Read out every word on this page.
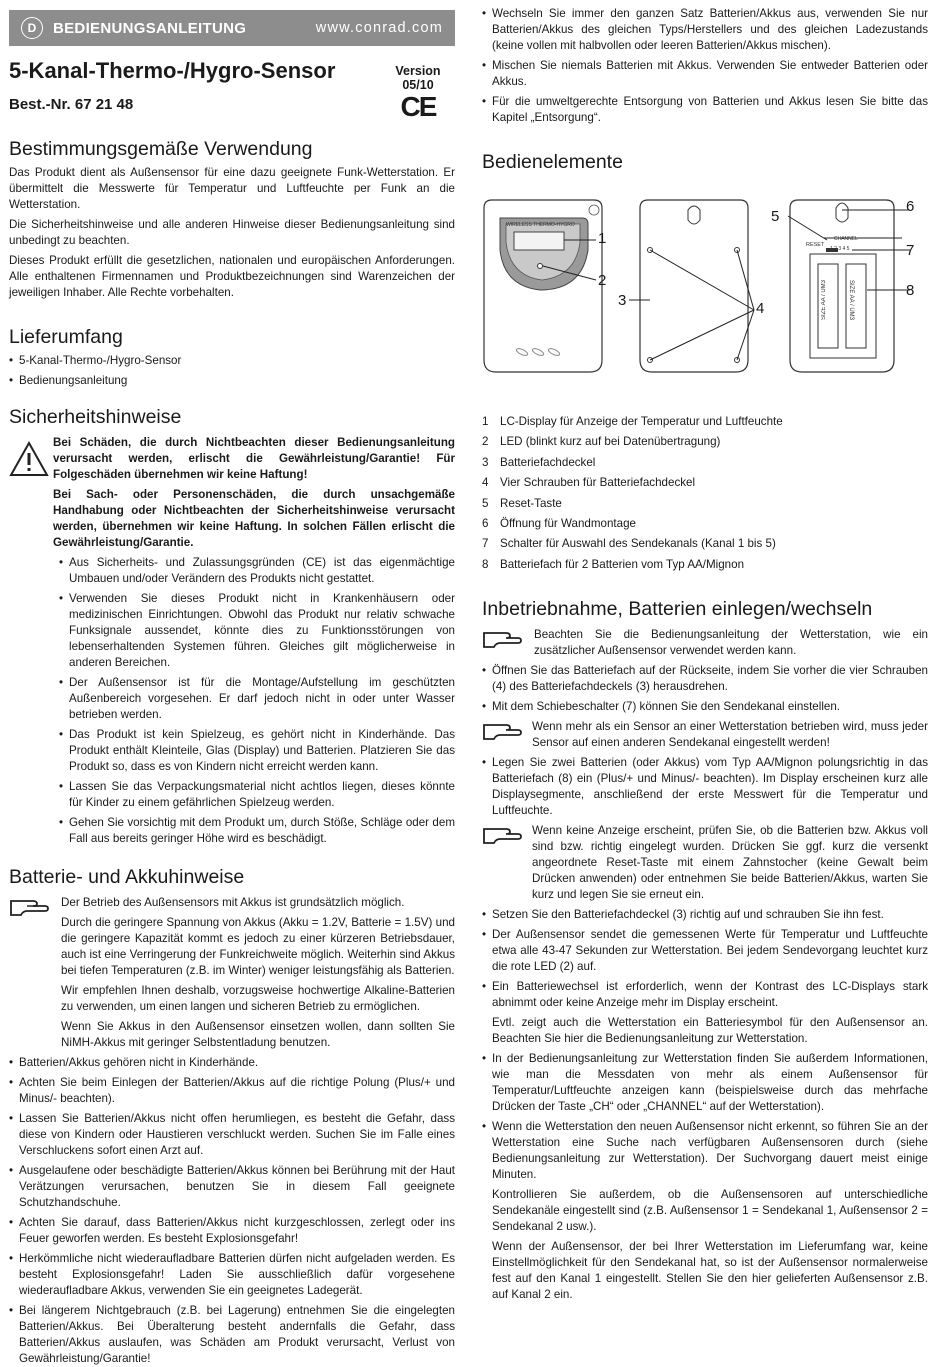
D	BEDIENUNGSANLEITUNG	www.conrad.com
5-Kanal-Thermo-/Hygro-Sensor	Version 05/10
CE
Best.-Nr. 67 21 48
Bestimmungsgemäße Verwendung

Das Produkt dient als Außensensor für eine dazu geeignete Funk-Wetterstation. Er übermittelt die Messwerte für Temperatur und Luftfeuchte per Funk an die Wetterstation.

Die Sicherheitshinweise und alle anderen Hinweise dieser Bedienungsanleitung sind unbedingt zu beachten.

Dieses Produkt erfüllt die gesetzlichen, nationalen und europäischen Anforderungen. Alle enthaltenen Firmennamen und Produktbezeichnungen sind Warenzeichen der jeweiligen Inhaber. Alle Rechte vorbehalten.

Lieferumfang

• 5-Kanal-Thermo-/Hygro-Sensor

• Bedienungsanleitung

Sicherheitshinweise

Bei Schäden, die durch Nichtbeachten dieser Bedienungsanleitung verursacht werden, erlischt die Gewährleistung/Garantie! Für Folgeschäden übernehmen wir keine Haftung!

Bei Sach- oder Personenschäden, die durch unsachgemäße Handhabung oder Nichtbeachten der Sicherheitshinweise verursacht werden, übernehmen wir keine Haftung. In solchen Fällen erlischt die Gewährleistung/Garantie.

• Aus Sicherheits- und Zulassungsgründen (CE) ist das eigenmächtige Umbauen und/oder Verändern des Produkts nicht gestattet.

• Verwenden Sie dieses Produkt nicht in Krankenhäusern oder medizinischen Einrichtungen. Obwohl das Produkt nur relativ schwache Funksignale aussendet, könnte dies zu Funktionsstörungen von lebenserhaltenden Systemen führen. Gleiches gilt möglicherweise in anderen Bereichen.

• Der Außensensor ist für die Montage/Aufstellung im geschützten Außenbereich vorgesehen. Er darf jedoch nicht in oder unter Wasser betrieben werden.

• Das Produkt ist kein Spielzeug, es gehört nicht in Kinderhände. Das Produkt enthält Kleinteile, Glas (Display) und Batterien. Platzieren Sie das Produkt so, dass es von Kindern nicht erreicht werden kann.

• Lassen Sie das Verpackungsmaterial nicht achtlos liegen, dieses könnte für Kinder zu einem gefährlichen Spielzeug werden.

• Gehen Sie vorsichtig mit dem Produkt um, durch Stöße, Schläge oder dem Fall aus bereits geringer Höhe wird es beschädigt.

Batterie- und Akkuhinweise

Der Betrieb des Außensensors mit Akkus ist grundsätzlich möglich.

Durch die geringere Spannung von Akkus (Akku = 1.2V, Batterie = 1.5V) und die geringere Kapazität kommt es jedoch zu einer kürzeren Betriebsdauer, auch ist eine Verringerung der Funkreichweite möglich. Weiterhin sind Akkus bei tiefen Temperaturen (z.B. im Winter) weniger leistungsfähig als Batterien.

Wir empfehlen Ihnen deshalb, vorzugsweise hochwertige Alkaline-Batterien zu verwenden, um einen langen und sicheren Betrieb zu ermöglichen.

Wenn Sie Akkus in den Außensensor einsetzen wollen, dann sollten Sie NiMH-Akkus mit geringer Selbstentladung benutzen.

• Batterien/Akkus gehören nicht in Kinderhände.

• Achten Sie beim Einlegen der Batterien/Akkus auf die richtige Polung (Plus/+ und Minus/- beachten).

• Lassen Sie Batterien/Akkus nicht offen herumliegen, es besteht die Gefahr, dass diese von Kindern oder Haustieren verschluckt werden. Suchen Sie im Falle eines Verschluckens sofort einen Arzt auf.

• Ausgelaufene oder beschädigte Batterien/Akkus können bei Berührung mit der Haut Verätzungen verursachen, benutzen Sie in diesem Fall geeignete Schutzhandschuhe.

• Achten Sie darauf, dass Batterien/Akkus nicht kurzgeschlossen, zerlegt oder ins Feuer geworfen werden. Es besteht Explosionsgefahr!

• Herkömmliche nicht wiederaufladbare Batterien dürfen nicht aufgeladen werden. Es besteht Explosionsgefahr! Laden Sie ausschließlich dafür vorgesehene wiederaufladbare Akkus, verwenden Sie ein geeignetes Ladegerät.

• Bei längerem Nichtgebrauch (z.B. bei Lagerung) entnehmen Sie die eingelegten Batterien/Akkus. Bei Überalterung besteht andernfalls die Gefahr, dass Batterien/Akkus auslaufen, was Schäden am Produkt verursacht, Verlust von Gewährleistung/Garantie!

• Wechseln Sie immer den ganzen Satz Batterien/Akkus aus, verwenden Sie nur Batterien/Akkus des gleichen Typs/Herstellers und des gleichen Ladezustands (keine vollen mit halbvollen oder leeren Batterien/Akkus mischen).

• Mischen Sie niemals Batterien mit Akkus. Verwenden Sie entweder Batterien oder Akkus.

• Für die umweltgerechte Entsorgung von Batterien und Akkus lesen Sie bitte das Kapitel „Entsorgung“.

Bedienelemente
WIRELESS THERMO-HYGRO
RESET
CHANNEL
1 2 3 4 5
SIZE AA / UM3	SIZE AA / UM3
1
2
3	4
5
6
7
8
1 LC-Display für Anzeige der Temperatur und Luftfeuchte
2 LED (blinkt kurz auf bei Datenübertragung)
3 Batteriefachdeckel
4 Vier Schrauben für Batteriefachdeckel
5 Reset-Taste
6 Öffnung für Wandmontage
7 Schalter für Auswahl des Sendekanals (Kanal 1 bis 5)
8 Batteriefach für 2 Batterien vom Typ AA/Mignon
Inbetriebnahme, Batterien einlegen/wechseln

Beachten Sie die Bedienungsanleitung der Wetterstation, wie ein zusätzlicher Außensensor verwendet werden kann.

• Öffnen Sie das Batteriefach auf der Rückseite, indem Sie vorher die vier Schrauben (4) des Batteriefachdeckels (3) herausdrehen.

• Mit dem Schiebeschalter (7) können Sie den Sendekanal einstellen.

Wenn mehr als ein Sensor an einer Wetterstation betrieben wird, muss jeder Sensor auf einen anderen Sendekanal eingestellt werden!

• Legen Sie zwei Batterien (oder Akkus) vom Typ AA/Mignon polungsrichtig in das Batteriefach (8) ein (Plus/+ und Minus/- beachten). Im Display erscheinen kurz alle Displaysegmente, anschließend der erste Messwert für die Temperatur und Luftfeuchte.

Wenn keine Anzeige erscheint, prüfen Sie, ob die Batterien bzw. Akkus voll sind bzw. richtig eingelegt wurden. Drücken Sie ggf. kurz die versenkt angeordnete Reset-Taste mit einem Zahnstocher (keine Gewalt beim Drücken anwenden) oder entnehmen Sie beide Batterien/Akkus, warten Sie kurz und legen Sie sie erneut ein.

• Setzen Sie den Batteriefachdeckel (3) richtig auf und schrauben Sie ihn fest.

• Der Außensensor sendet die gemessenen Werte für Temperatur und Luftfeuchte etwa alle 43-47 Sekunden zur Wetterstation. Bei jedem Sendevorgang leuchtet kurz die rote LED (2) auf.

• Ein Batteriewechsel ist erforderlich, wenn der Kontrast des LC-Displays stark abnimmt oder keine Anzeige mehr im Display erscheint.

Evtl. zeigt auch die Wetterstation ein Batteriesymbol für den Außensensor an. Beachten Sie hier die Bedienungsanleitung zur Wetterstation.

• In der Bedienungsanleitung zur Wetterstation finden Sie außerdem Informationen, wie man die Messdaten von mehr als einem Außensensor für Temperatur/Luftfeuchte anzeigen kann (beispielsweise durch das mehrfache Drücken der Taste „CH“ oder „CHANNEL“ auf der Wetterstation).

• Wenn die Wetterstation den neuen Außensensor nicht erkennt, so führen Sie an der Wetterstation eine Suche nach verfügbaren Außensensoren durch (siehe Bedienungsanleitung zur Wetterstation). Der Suchvorgang dauert meist einige Minuten.

Kontrollieren Sie außerdem, ob die Außensensoren auf unterschiedliche Sendekanäle eingestellt sind (z.B. Außensensor 1 = Sendekanal 1, Außensensor 2 = Sendekanal 2 usw.).

Wenn der Außensensor, der bei Ihrer Wetterstation im Lieferumfang war, keine Einstellmöglichkeit für den Sendekanal hat, so ist der Außensensor normalerweise fest auf den Kanal 1 eingestellt. Stellen Sie den hier gelieferten Außensensor z.B. auf Kanal 2 ein.
